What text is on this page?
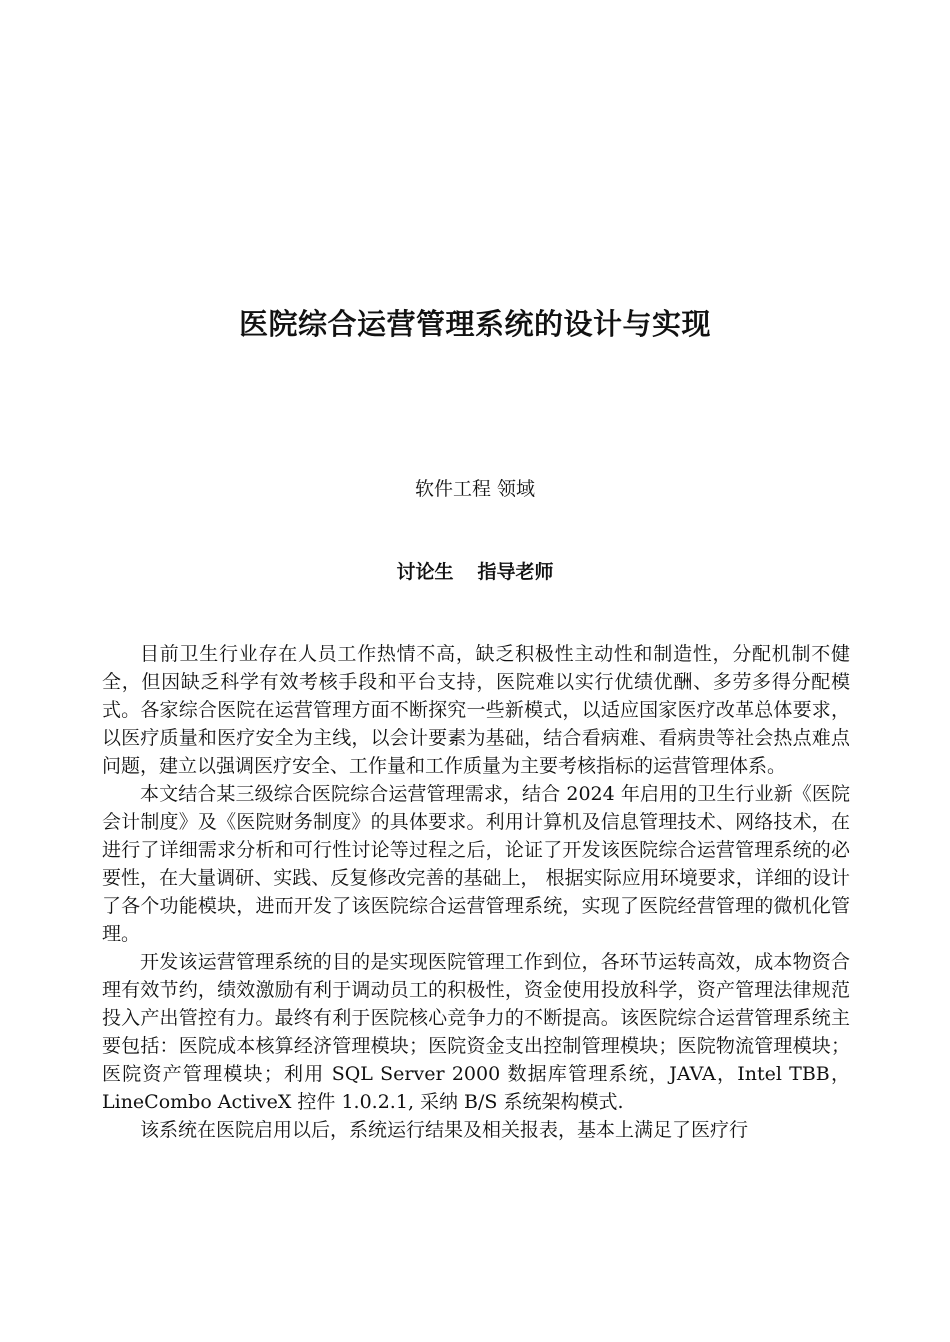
医院综合运营管理系统的设计与实现
软件工程 领域
讨论生 指导老师

目前卫生行业存在人员工作热情不高，缺乏积极性主动性和制造性，分配机制不健全，但因缺乏科学有效考核手段和平台支持，医院难以实行优绩优酬、多劳多得分配模式。各家综合医院在运营管理方面不断探究一些新模式，以适应国家医疗改革总体要求，以医疗质量和医疗安全为主线，以会计要素为基础，结合看病难、看病贵等社会热点难点问题，建立以强调医疗安全、工作量和工作质量为主要考核指标的运营管理体系。

本文结合某三级综合医院综合运营管理需求，结合 2024 年启用的卫生行业新《医院会计制度》及《医院财务制度》的具体要求。利用计算机及信息管理技术、网络技术，在进行了详细需求分析和可行性讨论等过程之后，论证了开发该医院综合运营管理系统的必要性，在大量调研、实践、反复修改完善的基础上， 根据实际应用环境要求，详细的设计了各个功能模块，进而开发了该医院综合运营管理系统，实现了医院经营管理的微机化管理。

开发该运营管理系统的目的是实现医院管理工作到位，各环节运转高效，成本物资合理有效节约，绩效激励有利于调动员工的积极性，资金使用投放科学，资产管理法律规范投入产出管控有力。最终有利于医院核心竞争力的不断提高。该医院综合运营管理系统主要包括：医院成本核算经济管理模块；医院资金支出控制管理模块；医院物流管理模块；医院资产管理模块；利用 SQL Server 2000 数据库管理系统，JAVA，Intel TBB，LineCombo ActiveX 控件 1.0.2.1, 采纳 B/S 系统架构模式.

该系统在医院启用以后，系统运行结果及相关报表，基本上满足了医疗行
